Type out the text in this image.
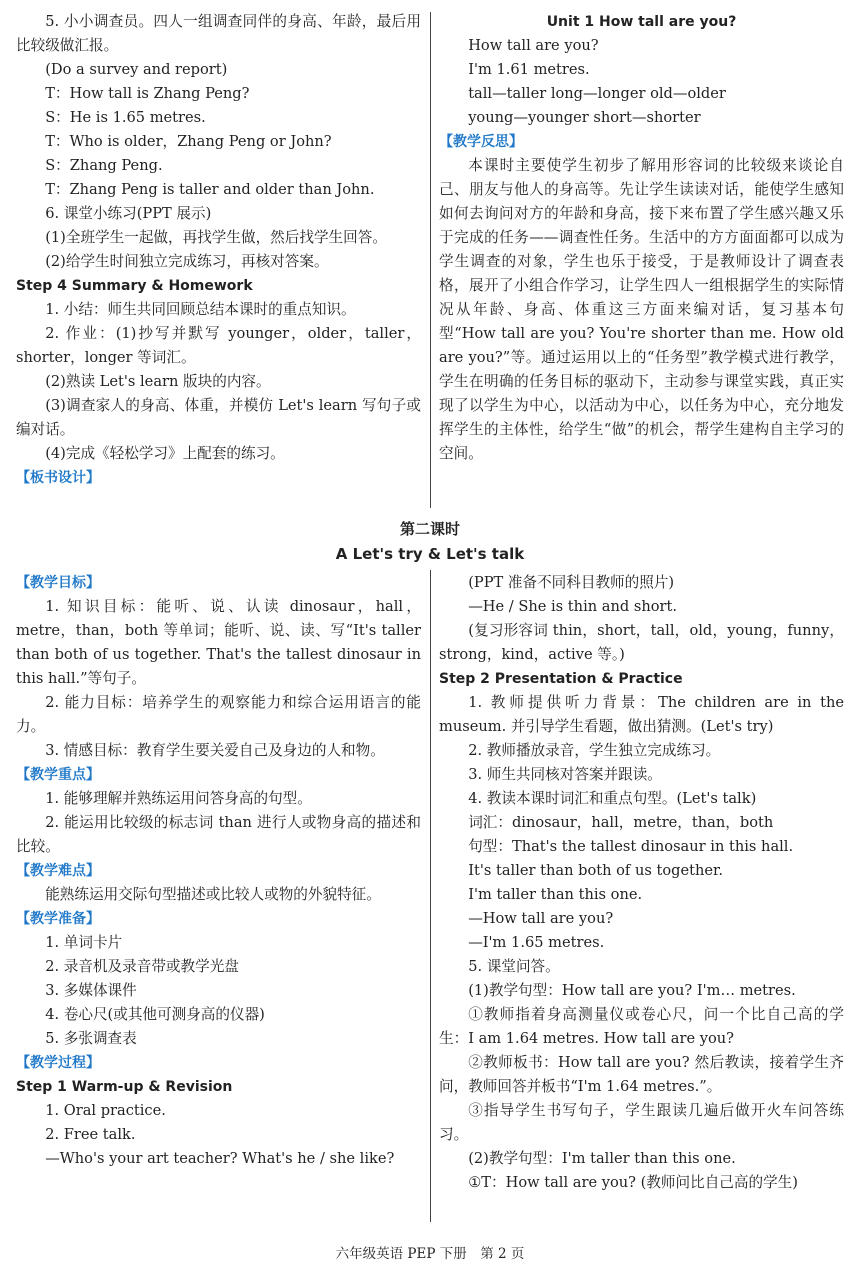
5. 小小调查员。四人一组调查同伴的身高、年龄，最后用比较级做汇报。

(Do a survey and report)

T：How tall is Zhang Peng?

S：He is 1.65 metres.

T：Who is older，Zhang Peng or John?

S：Zhang Peng.

T：Zhang Peng is taller and older than John.

6. 课堂小练习(PPT 展示)

(1)全班学生一起做，再找学生做，然后找学生回答。

(2)给学生时间独立完成练习，再核对答案。

Step 4 Summary & Homework

1. 小结：师生共同回顾总结本课时的重点知识。

2. 作业：(1)抄写并默写 younger，older，taller，shorter，longer 等词汇。

(2)熟读 Let's learn 版块的内容。

(3)调查家人的身高、体重，并模仿 Let's learn 写句子或编对话。

(4)完成《轻松学习》上配套的练习。

【板书设计】

Unit 1 How tall are you?

How tall are you?

I'm 1.61 metres.

tall—taller long—longer old—older

young—younger short—shorter

【教学反思】

本课时主要使学生初步了解用形容词的比较级来谈论自己、朋友与他人的身高等。先让学生读读对话，能使学生感知如何去询问对方的年龄和身高，接下来布置了学生感兴趣又乐于完成的任务——调查性任务。生活中的方方面面都可以成为学生调查的对象，学生也乐于接受，于是教师设计了调查表格，展开了小组合作学习，让学生四人一组根据学生的实际情况从年龄、身高、体重这三方面来编对话，复习基本句型“How tall are you? You're shorter than me. How old are you?”等。通过运用以上的“任务型”教学模式进行教学，学生在明确的任务目标的驱动下，主动参与课堂实践，真正实现了以学生为中心，以活动为中心，以任务为中心，充分地发挥学生的主体性，给学生“做”的机会，帮学生建构自主学习的空间。

第二课时
A Let's try & Let's talk

【教学目标】

1. 知识目标：能听、说、认读 dinosaur，hall，metre，than，both 等单词；能听、说、读、写“It's taller than both of us together. That's the tallest dinosaur in this hall.”等句子。

2. 能力目标：培养学生的观察能力和综合运用语言的能力。

3. 情感目标：教育学生要关爱自己及身边的人和物。

【教学重点】

1. 能够理解并熟练运用问答身高的句型。

2. 能运用比较级的标志词 than 进行人或物身高的描述和比较。

【教学难点】

能熟练运用交际句型描述或比较人或物的外貌特征。

【教学准备】

1. 单词卡片

2. 录音机及录音带或教学光盘

3. 多媒体课件

4. 卷心尺(或其他可测身高的仪器)

5. 多张调查表

【教学过程】

Step 1 Warm-up & Revision

1. Oral practice.

2. Free talk.

—Who's your art teacher? What's he / she like?

(PPT 准备不同科目教师的照片)

—He / She is thin and short.

(复习形容词 thin，short，tall，old，young，funny，strong，kind，active 等。)

Step 2 Presentation & Practice

1. 教师提供听力背景：The children are in the museum. 并引导学生看题，做出猜测。(Let's try)

2. 教师播放录音，学生独立完成练习。

3. 师生共同核对答案并跟读。

4. 教读本课时词汇和重点句型。(Let's talk)

词汇：dinosaur，hall，metre，than，both

句型：That's the tallest dinosaur in this hall.

It's taller than both of us together.

I'm taller than this one.

—How tall are you?

—I'm 1.65 metres.

5. 课堂问答。

(1)教学句型：How tall are you? I'm… metres.

①教师指着身高测量仪或卷心尺，问一个比自己高的学生：I am 1.64 metres. How tall are you?

②教师板书：How tall are you? 然后教读，接着学生齐问，教师回答并板书“I'm 1.64 metres.”。

③指导学生书写句子，学生跟读几遍后做开火车问答练习。

(2)教学句型：I'm taller than this one.

①T：How tall are you? (教师问比自己高的学生)

六年级英语 PEP 下册　第 2 页
